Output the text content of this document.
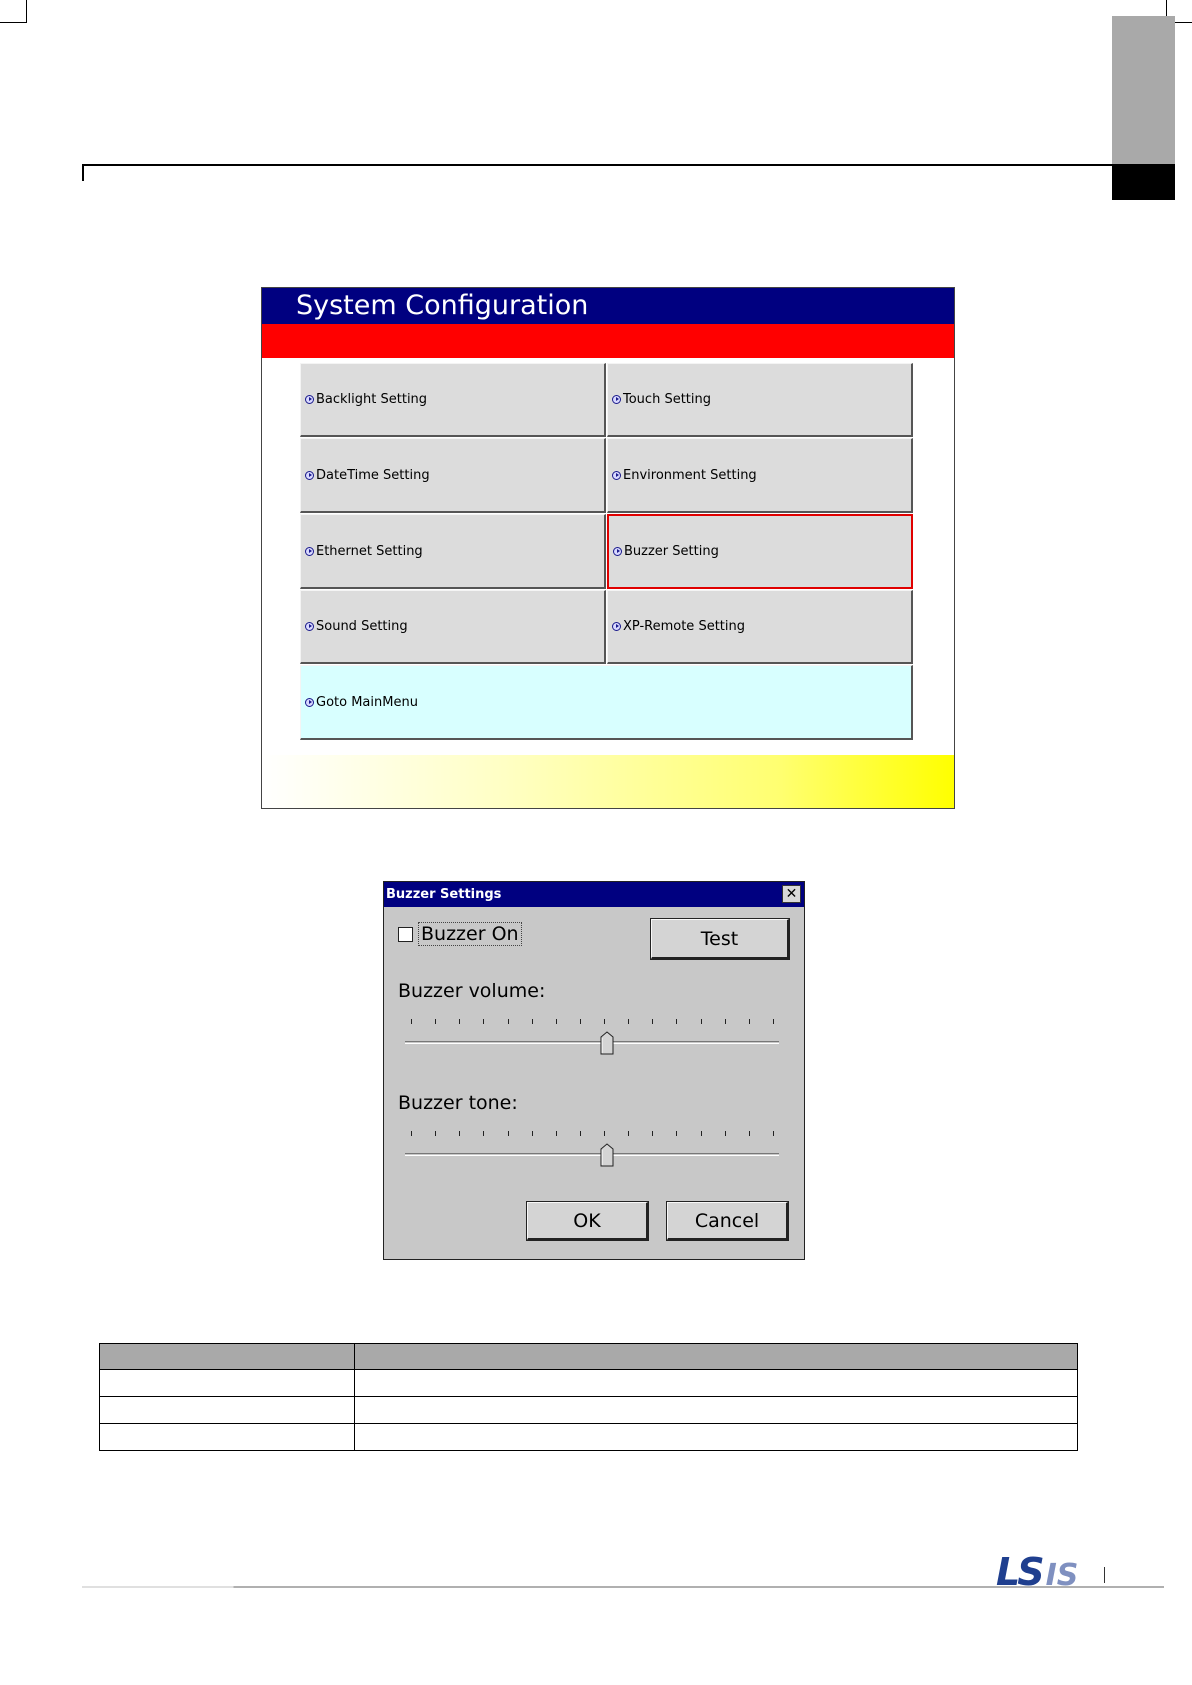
System Configuration
Backlight Setting	Touch Setting
DateTime Setting	Environment Setting
Ethernet Setting	Buzzer Setting
Sound Setting	XP-Remote Setting
Goto MainMenu
Buzzer Settings	✕
Buzzer On	Test
Buzzer volume:
Buzzer tone:
OK	Cancel

LS IS
